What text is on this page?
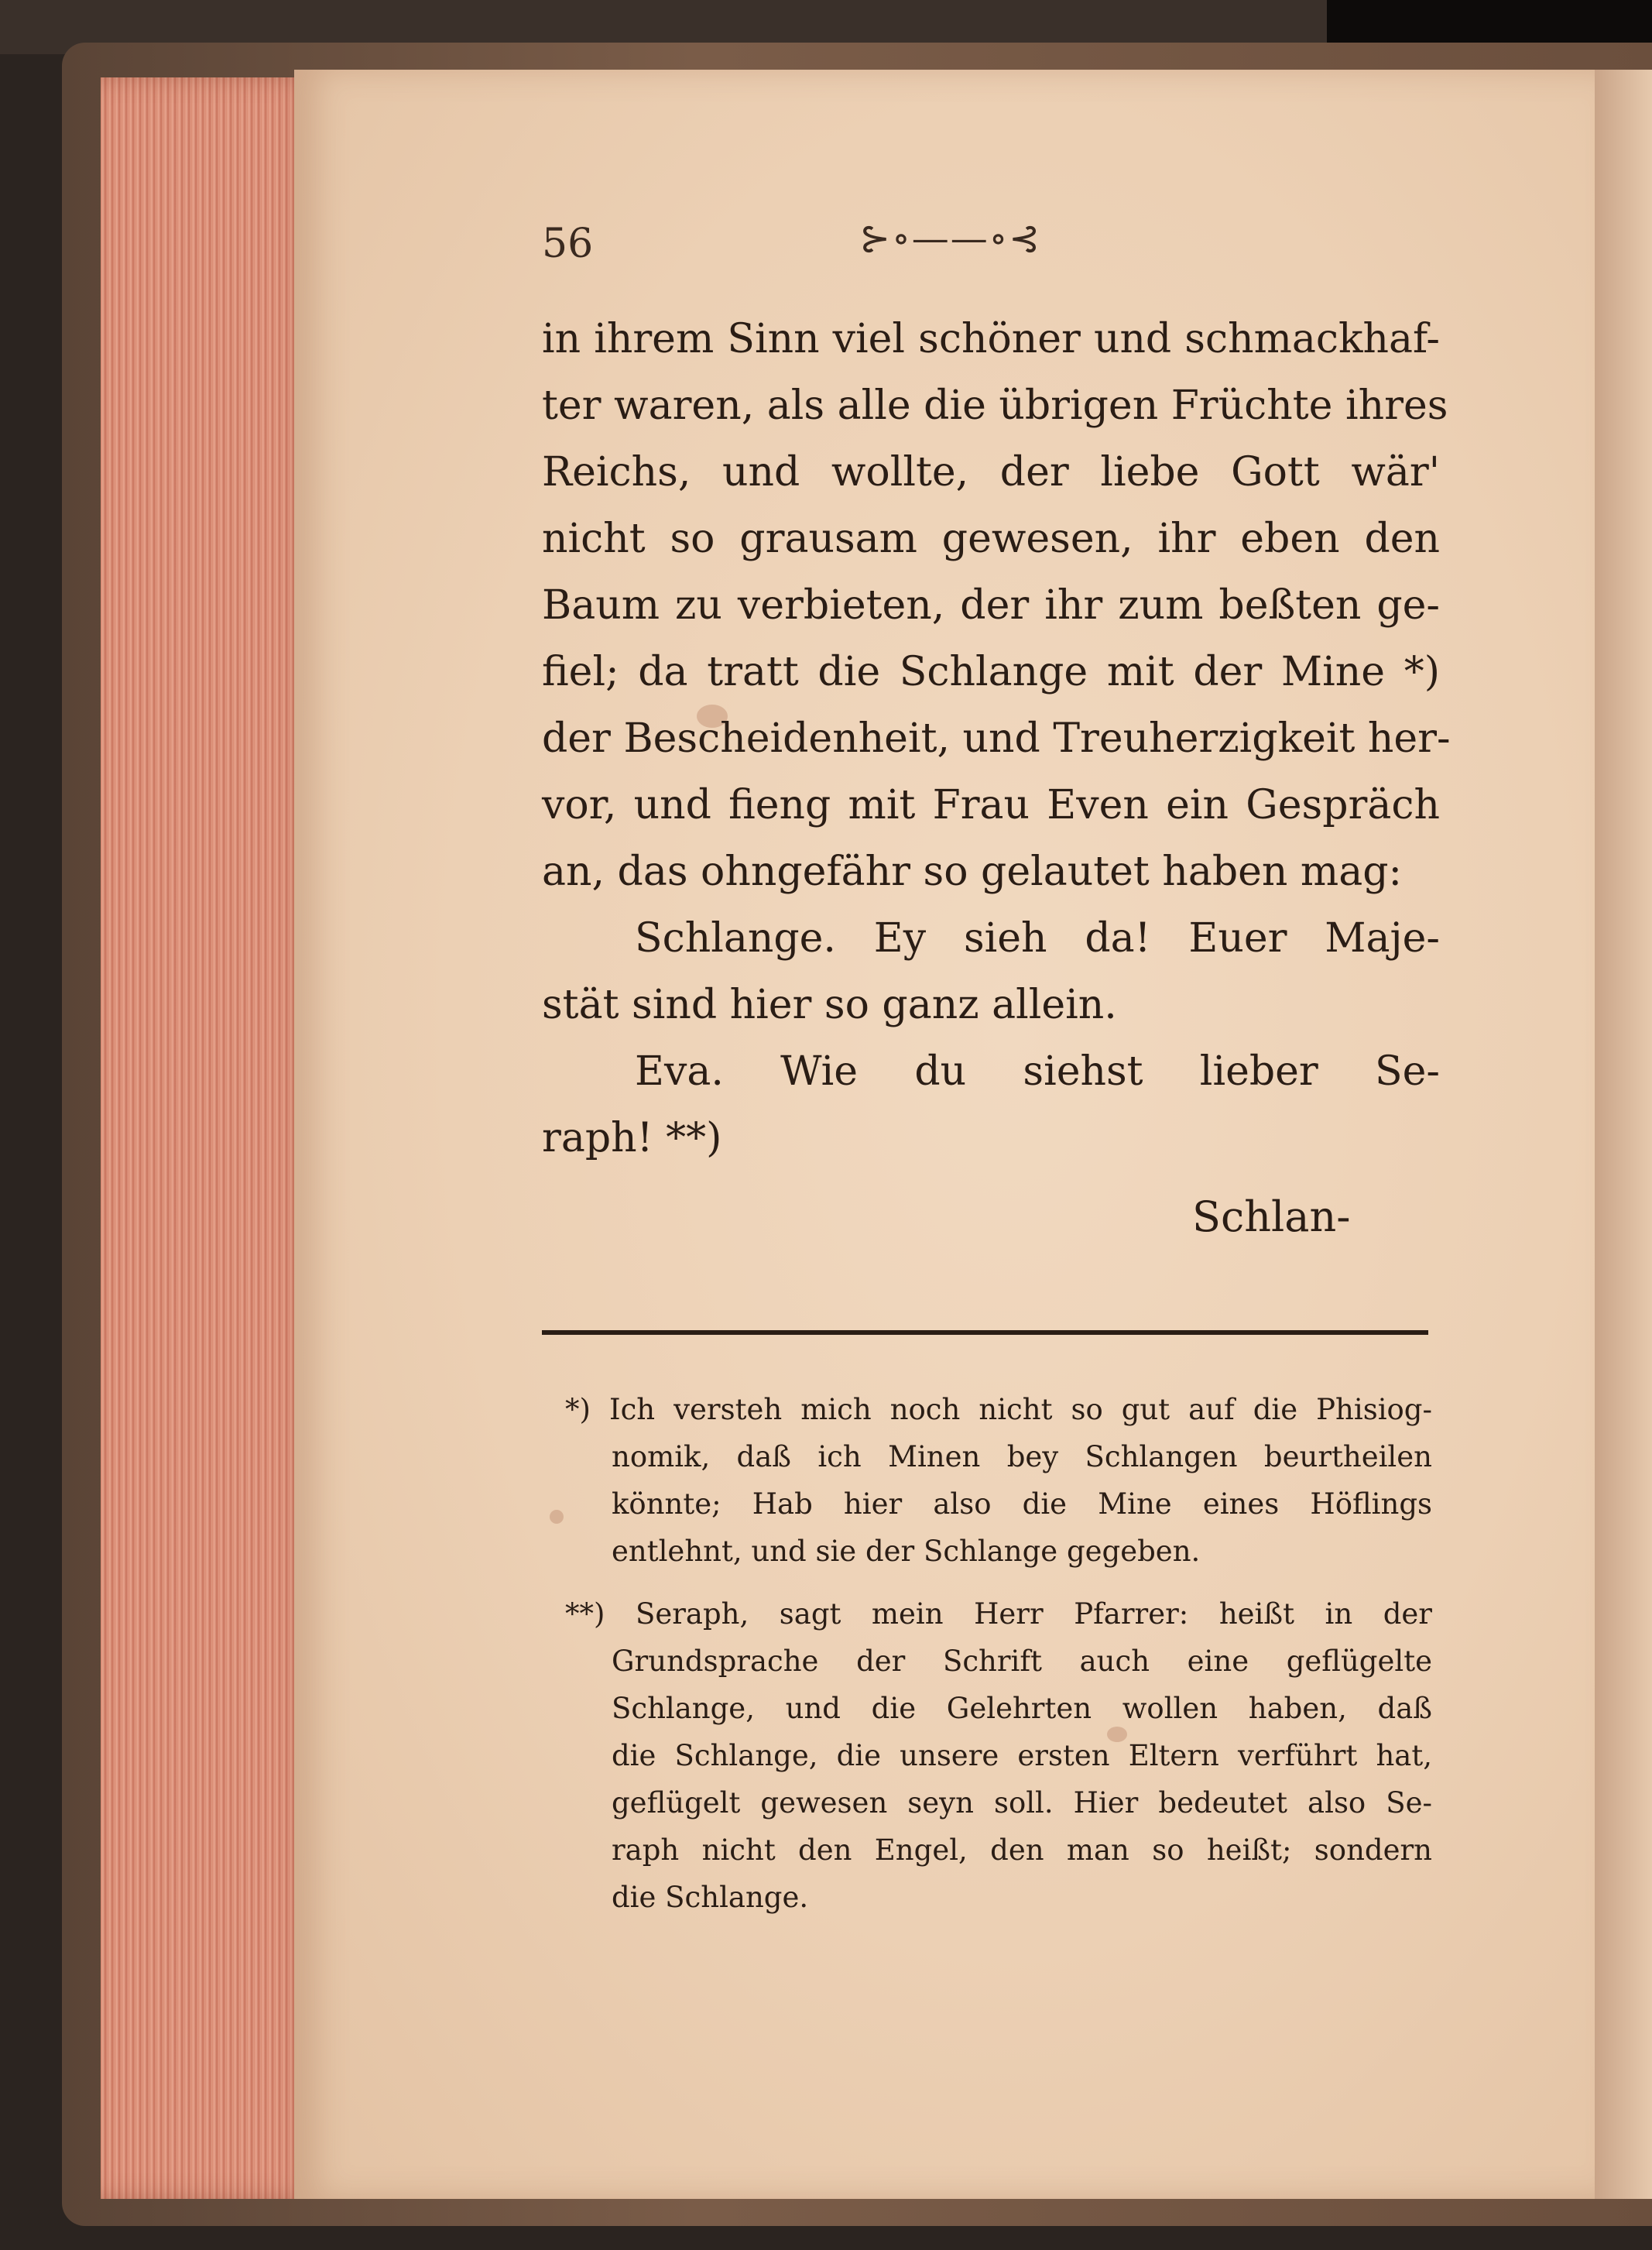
56	⊱∘——∘⊰
in ihrem Sinn viel schöner und schmackhaf-
ter waren, als alle die übrigen Früchte ihres
Reichs, und wollte, der liebe Gott wär'
nicht so grausam gewesen, ihr eben den
Baum zu verbieten, der ihr zum beßten ge-
fiel; da tratt die Schlange mit der Mine *)
der Bescheidenheit, und Treuherzigkeit her-
vor, und fieng mit Frau Even ein Gespräch
an, das ohngefähr so gelautet haben mag:
Schlange. Ey sieh da! Euer Maje-
stät sind hier so ganz allein.
Eva. Wie du siehst lieber Se-
raph! **)
Schlan-
*) Ich versteh mich noch nicht so gut auf die Phisiog-
nomik, daß ich Minen bey Schlangen beurtheilen
könnte; Hab hier also die Mine eines Höflings
entlehnt, und sie der Schlange gegeben.
**) Seraph, sagt mein Herr Pfarrer: heißt in der
Grundsprache der Schrift auch eine geflügelte
Schlange, und die Gelehrten wollen haben, daß
die Schlange, die unsere ersten Eltern verführt hat,
geflügelt gewesen seyn soll. Hier bedeutet also Se-
raph nicht den Engel, den man so heißt; sondern
die Schlange.
